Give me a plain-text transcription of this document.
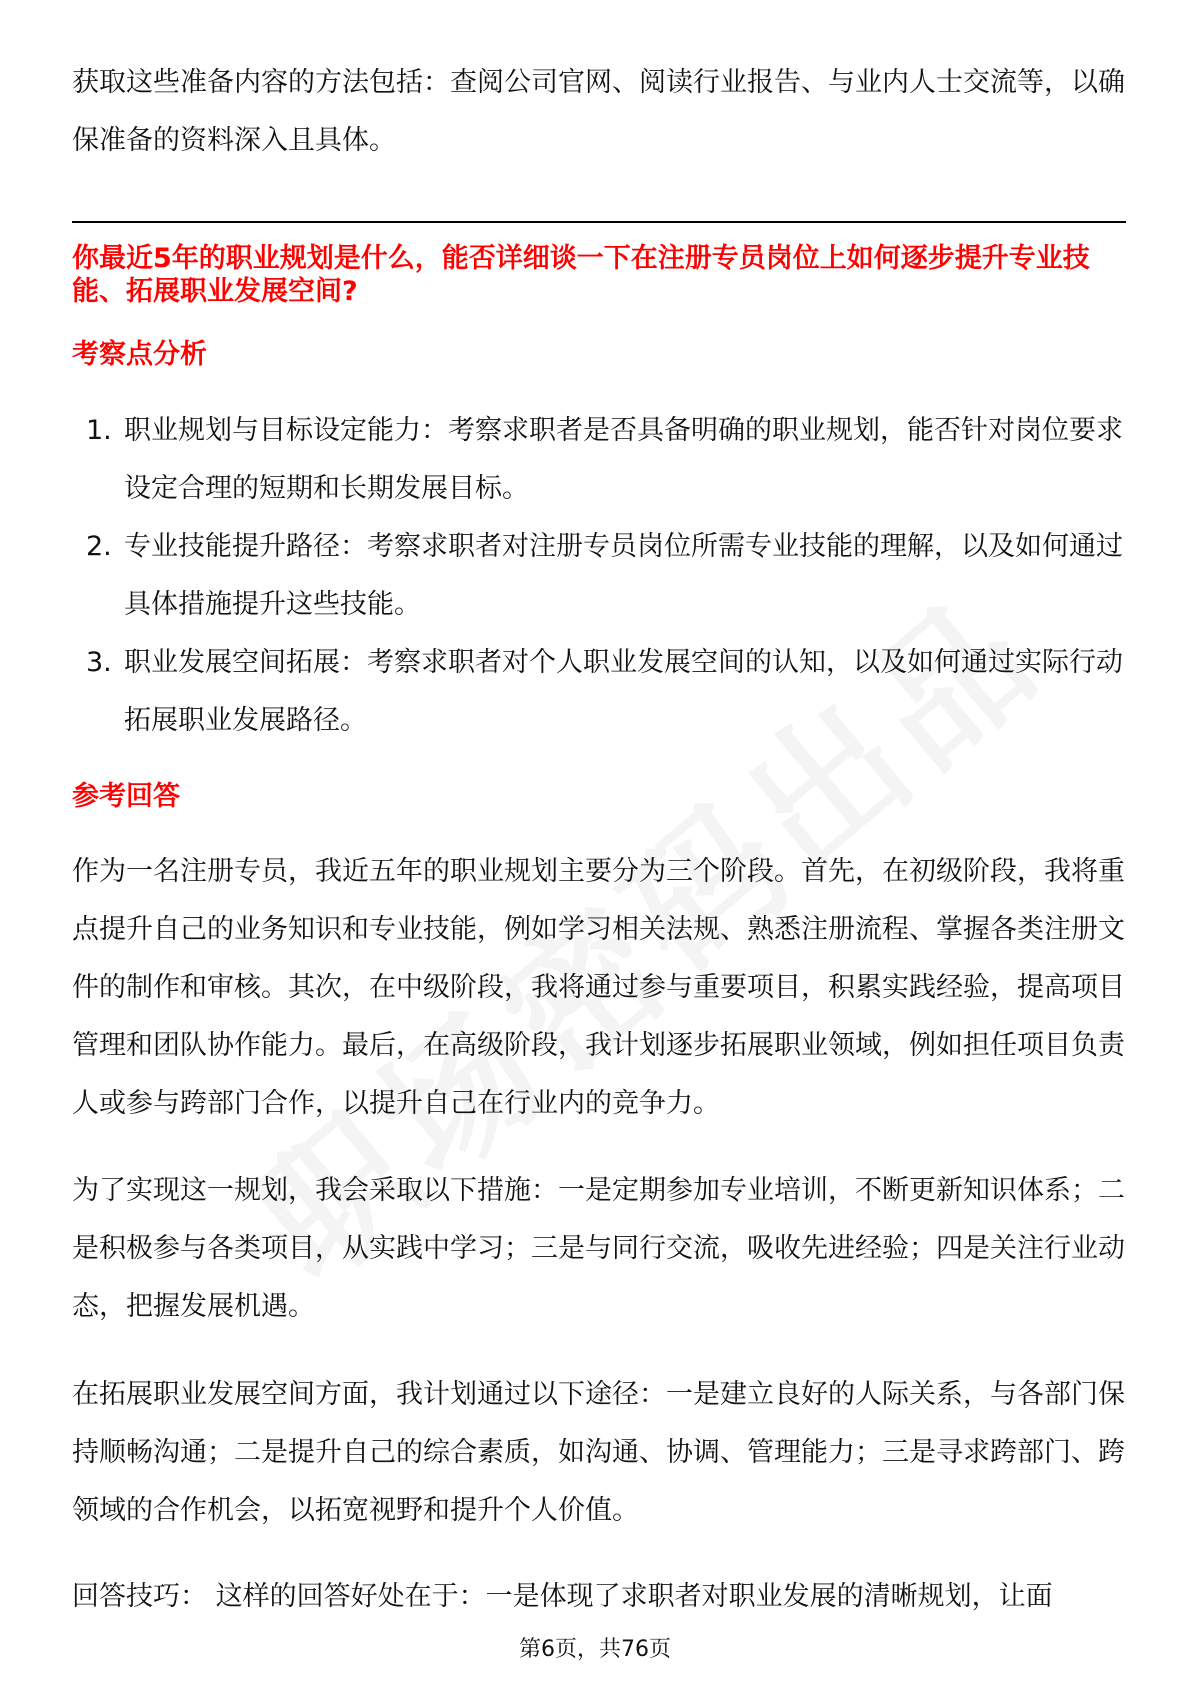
获取这些准备内容的方法包括：查阅公司官网、阅读行业报告、与业内人士交流等，以确保准备的资料深入且具体。
你最近5年的职业规划是什么，能否详细谈一下在注册专员岗位上如何逐步提升专业技能、拓展职业发展空间?
考察点分析
1. 职业规划与目标设定能力：考察求职者是否具备明确的职业规划，能否针对岗位要求设定合理的短期和长期发展目标。
2. 专业技能提升路径：考察求职者对注册专员岗位所需专业技能的理解，以及如何通过具体措施提升这些技能。
3. 职业发展空间拓展：考察求职者对个人职业发展空间的认知，以及如何通过实际行动拓展职业发展路径。
参考回答
作为一名注册专员，我近五年的职业规划主要分为三个阶段。首先，在初级阶段，我将重点提升自己的业务知识和专业技能，例如学习相关法规、熟悉注册流程、掌握各类注册文件的制作和审核。其次，在中级阶段，我将通过参与重要项目，积累实践经验，提高项目管理和团队协作能力。最后，在高级阶段，我计划逐步拓展职业领域，例如担任项目负责人或参与跨部门合作，以提升自己在行业内的竞争力。
为了实现这一规划，我会采取以下措施：一是定期参加专业培训，不断更新知识体系；二是积极参与各类项目，从实践中学习；三是与同行交流，吸收先进经验；四是关注行业动态，把握发展机遇。
在拓展职业发展空间方面，我计划通过以下途径：一是建立良好的人际关系，与各部门保持顺畅沟通；二是提升自己的综合素质，如沟通、协调、管理能力；三是寻求跨部门、跨领域的合作机会，以拓宽视野和提升个人价值。
回答技巧： 这样的回答好处在于：一是体现了求职者对职业发展的清晰规划，让面
第6页，共76页
